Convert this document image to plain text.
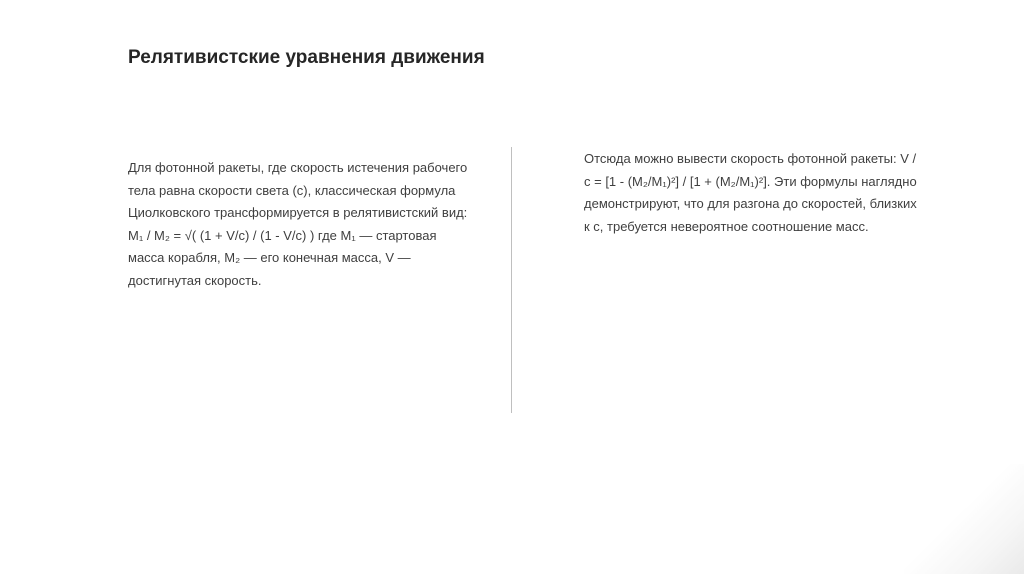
Релятивистские уравнения движения

Для фотонной ракеты, где скорость истечения рабочего тела равна скорости света (с), классическая формула Циолковского трансформируется в релятивистский вид: M₁ / M₂ = √( (1 + V/c) / (1 - V/c) ) где M₁ — стартовая масса корабля, M₂ — его конечная масса, V — достигнутая скорость.

Отсюда можно вывести скорость фотонной ракеты: V / c = [1 - (M₂/M₁)²] / [1 + (M₂/M₁)²]. Эти формулы наглядно демонстрируют, что для разгона до скоростей, близких к с, требуется невероятное соотношение масс.
